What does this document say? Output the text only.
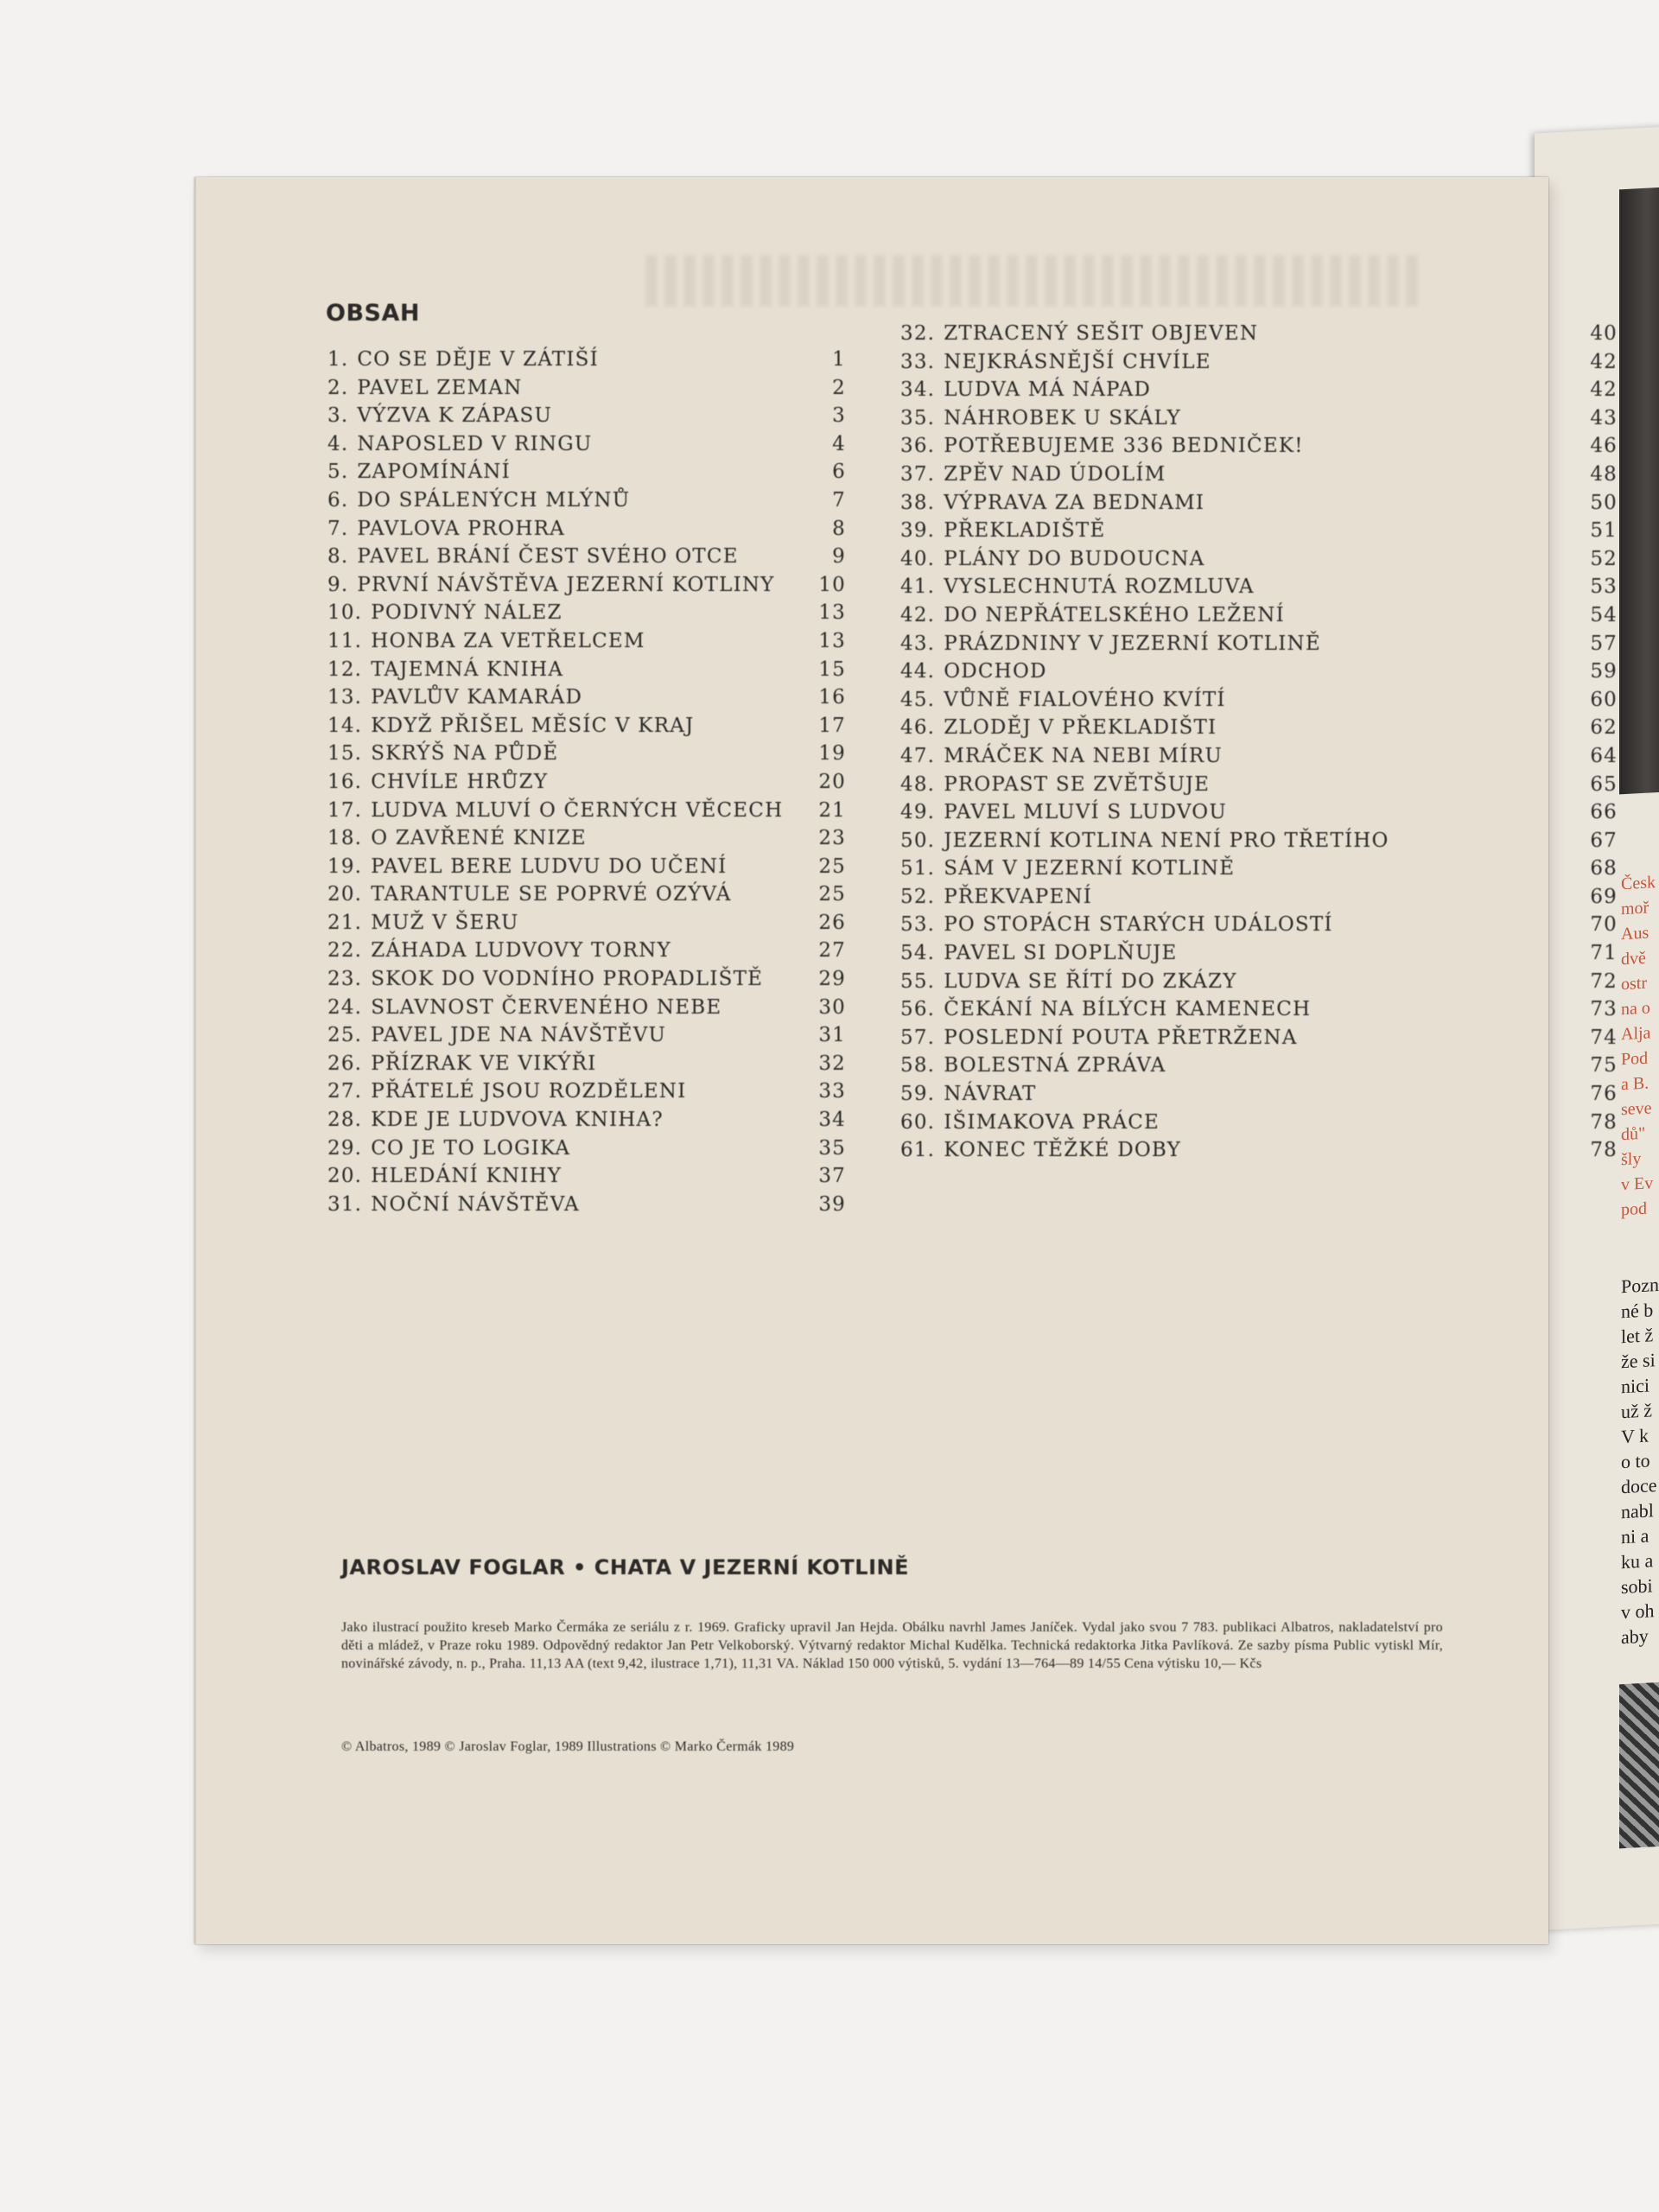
Česk
moř
Aus
dvě
ostr
na o
Alja
Pod
a B.
seve
dů"
šly
v Ev
pod
Pozn
né b
let ž
že si
nici
už ž
V k
o to
doce
nabl
ni a
ku a
sobi
v oh
aby
OBSAH
1. CO SE DĚJE V ZÁTIŠÍ	1
2. PAVEL ZEMAN	2
3. VÝZVA K ZÁPASU	3
4. NAPOSLED V RINGU	4
5. ZAPOMÍNÁNÍ	6
6. DO SPÁLENÝCH MLÝNŮ	7
7. PAVLOVA PROHRA	8
8. PAVEL BRÁNÍ ČEST SVÉHO OTCE	9
9. PRVNÍ NÁVŠTĚVA JEZERNÍ KOTLINY	10
10. PODIVNÝ NÁLEZ	13
11. HONBA ZA VETŘELCEM	13
12. TAJEMNÁ KNIHA	15
13. PAVLŮV KAMARÁD	16
14. KDYŽ PŘIŠEL MĚSÍC V KRAJ	17
15. SKRÝŠ NA PŮDĚ	19
16. CHVÍLE HRŮZY	20
17. LUDVA MLUVÍ O ČERNÝCH VĚCECH	21
18. O ZAVŘENÉ KNIZE	23
19. PAVEL BERE LUDVU DO UČENÍ	25
20. TARANTULE SE POPRVÉ OZÝVÁ	25
21. MUŽ V ŠERU	26
22. ZÁHADA LUDVOVY TORNY	27
23. SKOK DO VODNÍHO PROPADLIŠTĚ	29
24. SLAVNOST ČERVENÉHO NEBE	30
25. PAVEL JDE NA NÁVŠTĚVU	31
26. PŘÍZRAK VE VIKÝŘI	32
27. PŘÁTELÉ JSOU ROZDĚLENI	33
28. KDE JE LUDVOVA KNIHA?	34
29. CO JE TO LOGIKA	35
20. HLEDÁNÍ KNIHY	37
31. NOČNÍ NÁVŠTĚVA	39
32. ZTRACENÝ SEŠIT OBJEVEN	40
33. NEJKRÁSNĚJŠÍ CHVÍLE	42
34. LUDVA MÁ NÁPAD	42
35. NÁHROBEK U SKÁLY	43
36. POTŘEBUJEME 336 BEDNIČEK!	46
37. ZPĚV NAD ÚDOLÍM	48
38. VÝPRAVA ZA BEDNAMI	50
39. PŘEKLADIŠTĚ	51
40. PLÁNY DO BUDOUCNA	52
41. VYSLECHNUTÁ ROZMLUVA	53
42. DO NEPŘÁTELSKÉHO LEŽENÍ	54
43. PRÁZDNINY V JEZERNÍ KOTLINĚ	57
44. ODCHOD	59
45. VŮNĚ FIALOVÉHO KVÍTÍ	60
46. ZLODĚJ V PŘEKLADIŠTI	62
47. MRÁČEK NA NEBI MÍRU	64
48. PROPAST SE ZVĚTŠUJE	65
49. PAVEL MLUVÍ S LUDVOU	66
50. JEZERNÍ KOTLINA NENÍ PRO TŘETÍHO	67
51. SÁM V JEZERNÍ KOTLINĚ	68
52. PŘEKVAPENÍ	69
53. PO STOPÁCH STARÝCH UDÁLOSTÍ	70
54. PAVEL SI DOPLŇUJE	71
55. LUDVA SE ŘÍTÍ DO ZKÁZY	72
56. ČEKÁNÍ NA BÍLÝCH KAMENECH	73
57. POSLEDNÍ POUTA PŘETRŽENA	74
58. BOLESTNÁ ZPRÁVA	75
59. NÁVRAT	76
60. IŠIMAKOVA PRÁCE	78
61. KONEC TĚŽKÉ DOBY	78
JAROSLAV FOGLAR • CHATA V JEZERNÍ KOTLINĚ
Jako ilustrací použito kreseb Marko Čermáka ze seriálu z r. 1969. Graficky upravil Jan Hejda. Obálku navrhl James Janíček. Vydal jako svou 7 783. publikaci Albatros, nakladatelství pro děti a mládež, v Praze roku 1989. Odpovědný redaktor Jan Petr Velkoborský. Výtvarný redaktor Michal Kudělka. Technická redaktorka Jitka Pavlíková. Ze sazby písma Public vytiskl Mír, novinářské závody, n. p., Praha. 11,13 AA (text 9,42, ilustrace 1,71), 11,31 VA. Náklad 150 000 výtisků, 5. vydání 13—764—89 14/55 Cena výtisku 10,— Kčs
© Albatros, 1989 © Jaroslav Foglar, 1989 Illustrations © Marko Čermák 1989
